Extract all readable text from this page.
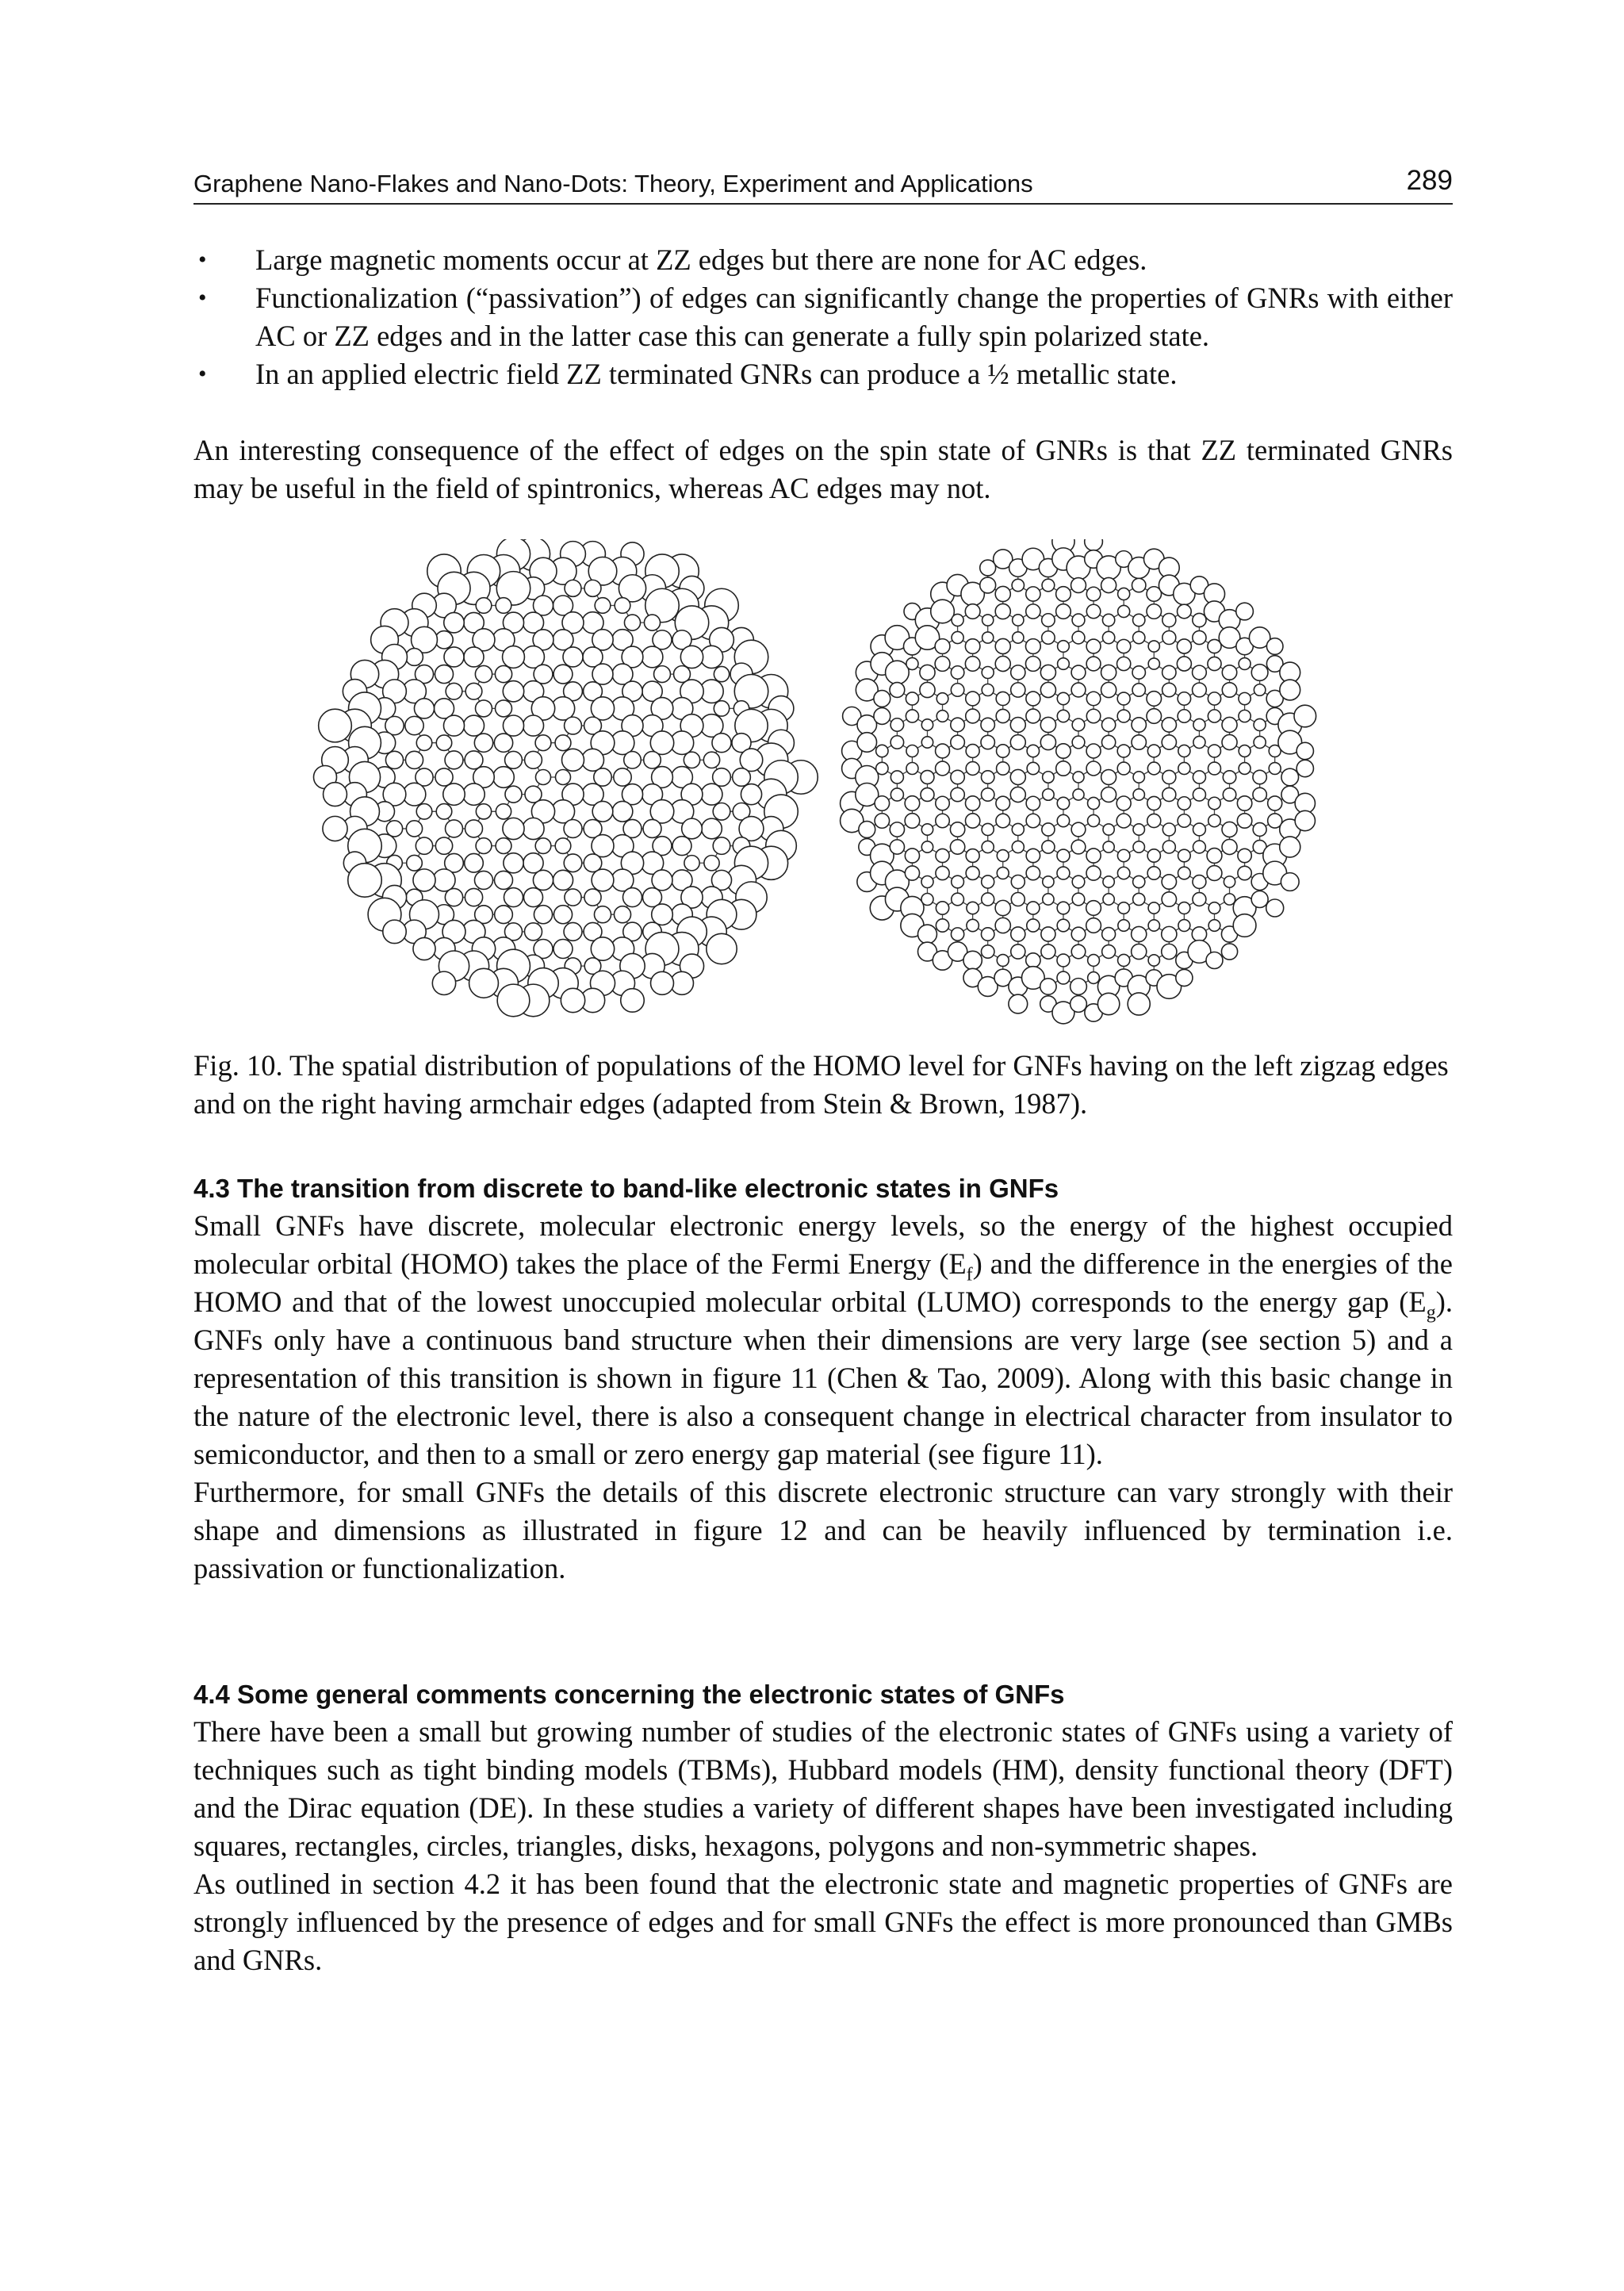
Graphene Nano-Flakes and Nano-Dots: Theory, Experiment and Applications	289
• Large magnetic moments occur at ZZ edges but there are none for AC edges.
• Functionalization (“passivation”) of edges can significantly change the properties of GNRs with either AC or ZZ edges and in the latter case this can generate a fully spin polarized state.
• In an applied electric field ZZ terminated GNRs can produce a ½ metallic state.
An interesting consequence of the effect of edges on the spin state of GNRs is that ZZ terminated GNRs may be useful in the field of spintronics, whereas AC edges may not.
Fig. 10. The spatial distribution of populations of the HOMO level for GNFs having on the left zigzag edges and on the right having armchair edges (adapted from Stein & Brown, 1987).
4.3 The transition from discrete to band-like electronic states in GNFs

Small GNFs have discrete, molecular electronic energy levels, so the energy of the highest occupied molecular orbital (HOMO) takes the place of the Fermi Energy $(E_f)$ and the difference in the energies of the HOMO and that of the lowest unoccupied molecular orbital (LUMO) corresponds to the energy gap $(E_g)$. GNFs only have a continuous band structure when their dimensions are very large (see section 5) and a representation of this transition is shown in figure 11 (Chen & Tao, 2009). Along with this basic change in the nature of the electronic level, there is also a consequent change in electrical character from insulator to semiconductor, and then to a small or zero energy gap material (see figure 11).

Furthermore, for small GNFs the details of this discrete electronic structure can vary strongly with their shape and dimensions as illustrated in figure 12 and can be heavily influenced by termination i.e. passivation or functionalization.

4.4 Some general comments concerning the electronic states of GNFs

There have been a small but growing number of studies of the electronic states of GNFs using a variety of techniques such as tight binding models (TBMs), Hubbard models (HM), density functional theory (DFT) and the Dirac equation (DE). In these studies a variety of different shapes have been investigated including squares, rectangles, circles, triangles, disks, hexagons, polygons and non-symmetric shapes.

As outlined in section 4.2 it has been found that the electronic state and magnetic properties of GNFs are strongly influenced by the presence of edges and for small GNFs the effect is more pronounced than GMBs and GNRs.
